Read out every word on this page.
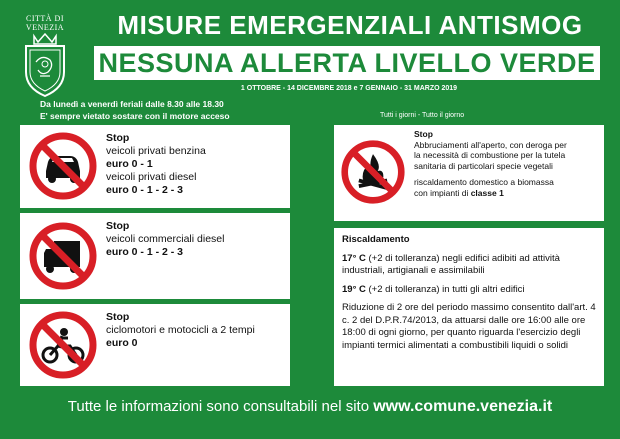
CITTÀ DI
VENEZIA	MISURE EMERGENZIALI ANTISMOG
NESSUNA ALLERTA LIVELLO VERDE
1 OTTOBRE - 14 DICEMBRE 2018 e 7 GENNAIO - 31 MARZO 2019
Da lunedì a venerdì feriali dalle 8.30 alle 18.30
E' sempre vietato sostare con il motore acceso	Tutti i giorni - Tutto il giorno
Stop
veicoli privati benzina
euro 0 - 1
veicoli privati diesel
euro 0 - 1 - 2 - 3
Stop
veicoli commerciali diesel
euro 0 - 1 - 2 - 3
Stop
ciclomotori e motocicli a 2 tempi
euro 0
Stop
Abbruciamenti all'aperto, con deroga per
la necessità di combustione per la tutela
sanitaria di particolari specie vegetali
riscaldamento domestico a biomassa
con impianti di classe 1

Riscaldamento

17° C (+2 di tolleranza) negli edifici adibiti ad attività industriali, artigianali e assimilabili

19° C (+2 di tolleranza) in tutti gli altri edifici

Riduzione di 2 ore del periodo massimo consentito dall'art. 4 c. 2 del D.P.R.74/2013, da attuarsi dalle ore 16:00 alle ore 18:00 di ogni giorno, per quanto riguarda l'esercizio degli impianti termici alimentati a combustibili liquidi o solidi

Tutte le informazioni sono consultabili nel sito www.comune.venezia.it
